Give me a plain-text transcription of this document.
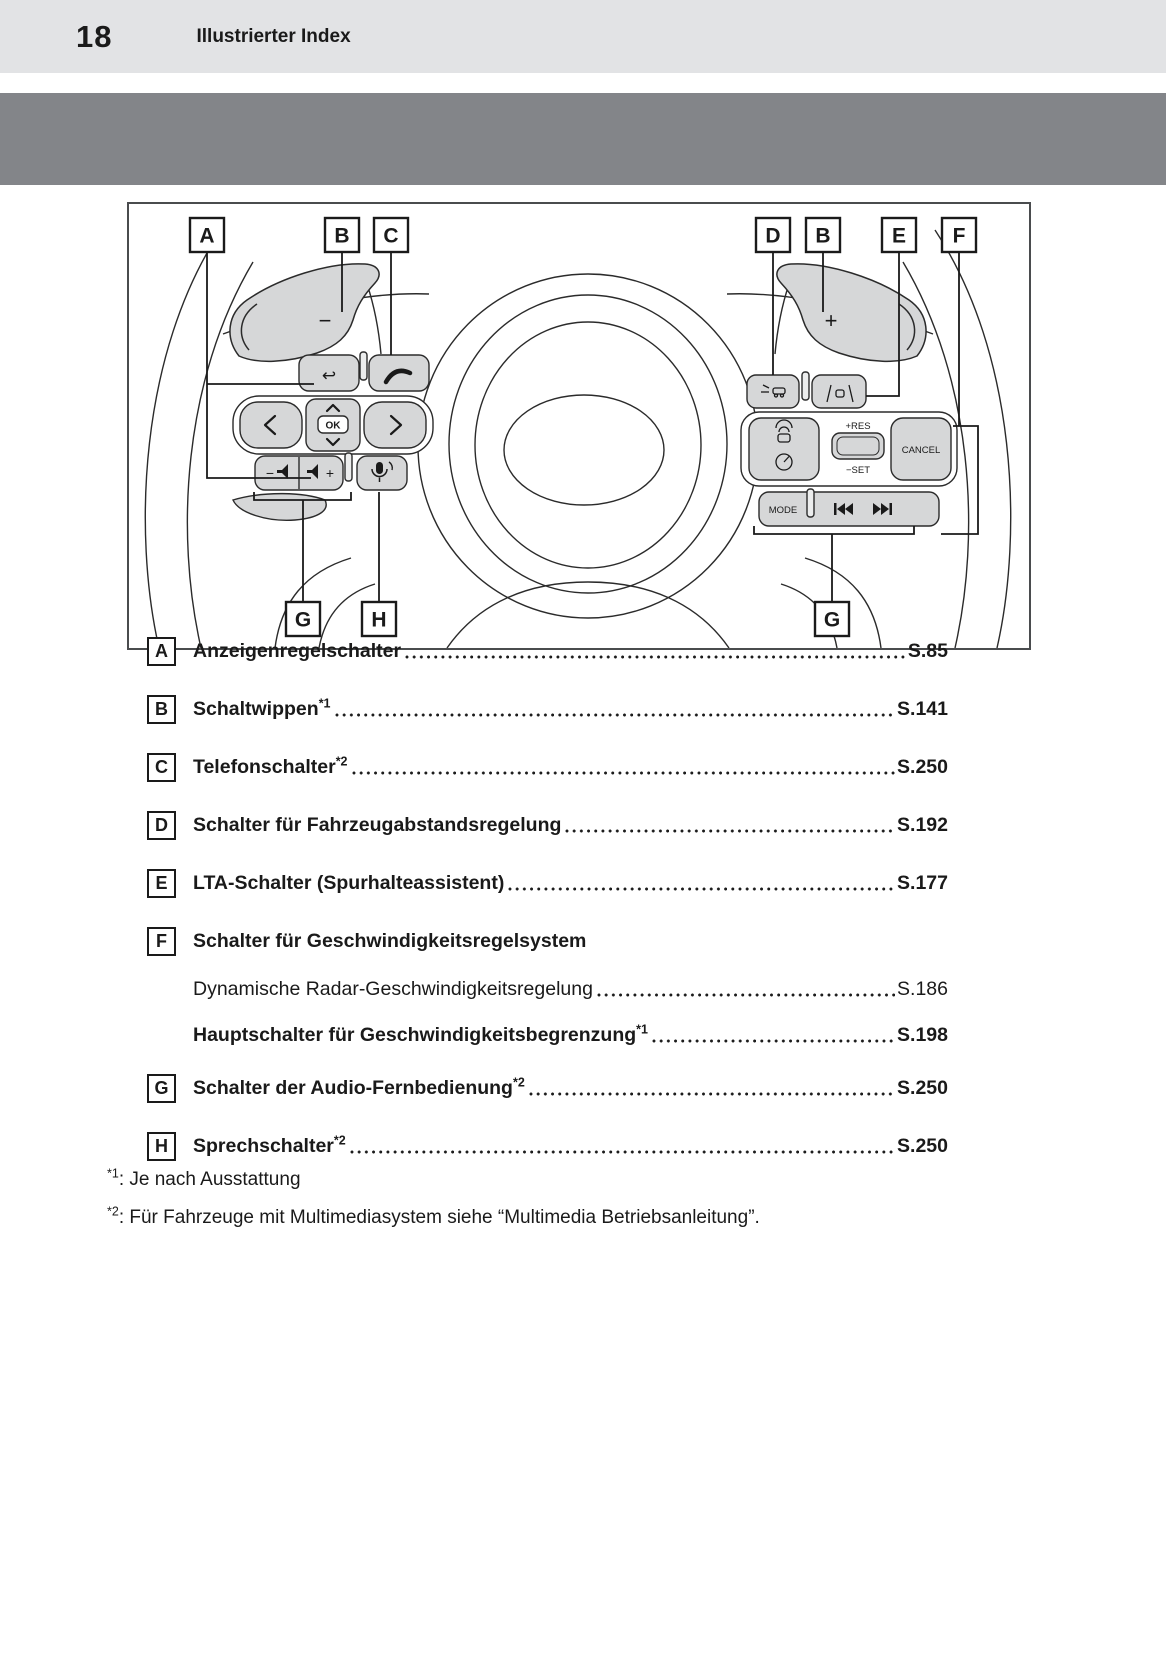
18	Illustrierter Index
−	+
↩
OK
−	+
+RES
−SET
CANCEL
MODE
A	B C	D B	E F
G	H	G
A	Anzeigenregelschalter	S.85
B	Schaltwippen$^{*1}$	S.141
C	Telefonschalter$^{*2}$	S.250
D	Schalter für Fahrzeugabstandsregelung	S.192
E	LTA-Schalter (Spurhalteassistent)	S.177
F	Schalter für Geschwindigkeitsregelsystem
Dynamische Radar-Geschwindigkeitsregelung	S.186
Hauptschalter für Geschwindigkeitsbegrenzung$^{*1}$	S.198
G	Schalter der Audio-Fernbedienung$^{*2}$	S.250
H	Sprechschalter$^{*2}$	S.250
$^{*1}$: Je nach Ausstattung
$^{*2}$: Für Fahrzeuge mit Multimediasystem siehe “Multimedia Betriebsanleitung”.
